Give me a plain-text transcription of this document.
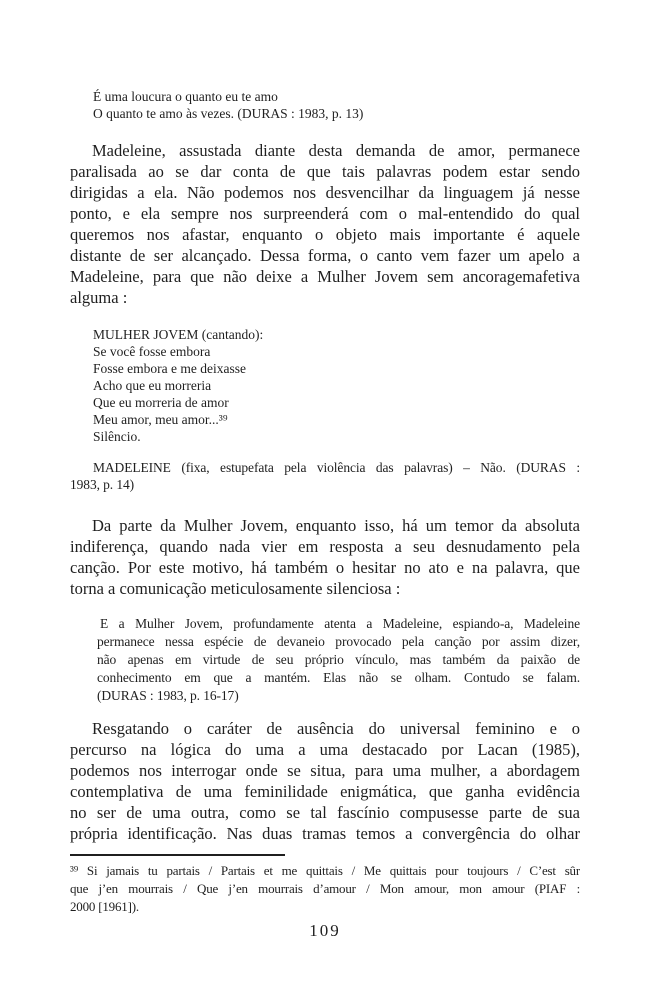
É uma loucura o quanto eu te amo
O quanto te amo às vezes. (DURAS : 1983, p. 13)
Madeleine, assustada diante desta demanda de amor, permanece
paralisada ao se dar conta de que tais palavras podem estar sendo
dirigidas a ela. Não podemos nos desvencilhar da linguagem já nesse
ponto, e ela sempre nos surpreenderá com o mal-entendido do qual
queremos nos afastar, enquanto o objeto mais importante é aquele
distante de ser alcançado. Dessa forma, o canto vem fazer um apelo a
Madeleine, para que não deixe a Mulher Jovem sem ancoragemafetiva
alguma :
MULHER JOVEM (cantando):
Se você fosse embora
Fosse embora e me deixasse
Acho que eu morreria
Que eu morreria de amor
Meu amor, meu amor...³⁹
Silêncio.
MADELEINE (fixa, estupefata pela violência das palavras) – Não. (DURAS :
1983, p. 14)
Da parte da Mulher Jovem, enquanto isso, há um temor da absoluta
indiferença, quando nada vier em resposta a seu desnudamento pela
canção. Por este motivo, há também o hesitar no ato e na palavra, que
torna a comunicação meticulosamente silenciosa :
E a Mulher Jovem, profundamente atenta a Madeleine, espiando-a, Madeleine
permanece nessa espécie de devaneio provocado pela canção por assim dizer,
não apenas em virtude de seu próprio vínculo, mas também da paixão de
conhecimento em que a mantém. Elas não se olham. Contudo se falam.
(DURAS : 1983, p. 16-17)
Resgatando o caráter de ausência do universal feminino e o
percurso na lógica do uma a uma destacado por Lacan (1985),
podemos nos interrogar onde se situa, para uma mulher, a abordagem
contemplativa de uma feminilidade enigmática, que ganha evidência
no ser de uma outra, como se tal fascínio compusesse parte de sua
própria identificação. Nas duas tramas temos a convergência do olhar
³⁹ Si jamais tu partais / Partais et me quittais / Me quittais pour toujours / C’est sûr
que j’en mourrais / Que j’en mourrais d’amour / Mon amour, mon amour (PIAF :
2000 [1961]).
109
